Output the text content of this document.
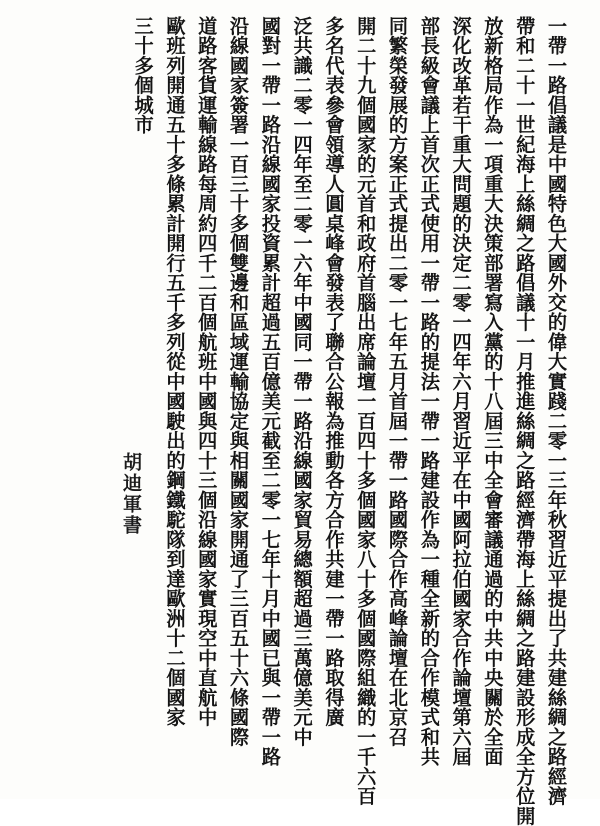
一帶一路倡議是中國特色大國外交的偉大實踐二零一三年秋習近平提出了共建絲綢之路經濟
帶和二十一世紀海上絲綢之路倡議十一月推進絲綢之路經濟帶海上絲綢之路建設形成全方位開
放新格局作為一項重大決策部署寫入黨的十八屆三中全會審議通過的中共中央關於全面
深化改革若干重大問題的決定二零一四年六月習近平在中國阿拉伯國家合作論壇第六屆
部長級會議上首次正式使用一帶一路的提法一帶一路建設作為一種全新的合作模式和共
同繁榮發展的方案正式提出二零一七年五月首屆一帶一路國際合作高峰論壇在北京召
開二十九個國家的元首和政府首腦出席論壇一百四十多個國家八十多個國際組織的一千六百
多名代表參會領導人圓桌峰會發表了聯合公報為推動各方合作共建一帶一路取得廣
泛共識二零一四年至二零一六年中國同一帶一路沿線國家貿易總額超過三萬億美元中
國對一帶一路沿線國家投資累計超過五百億美元截至二零一七年十月中國已與一帶一路
沿線國家簽署一百三十多個雙邊和區域運輸協定與相關國家開通了三百五十六條國際
道路客貨運輸線路每周約四千二百個航班中國與四十三個沿線國家實現空中直航中
歐班列開通五十多條累計開行五千多列從中國駛出的鋼鐵駝隊到達歐洲十二個國家
三十多個城市
胡迪軍書
